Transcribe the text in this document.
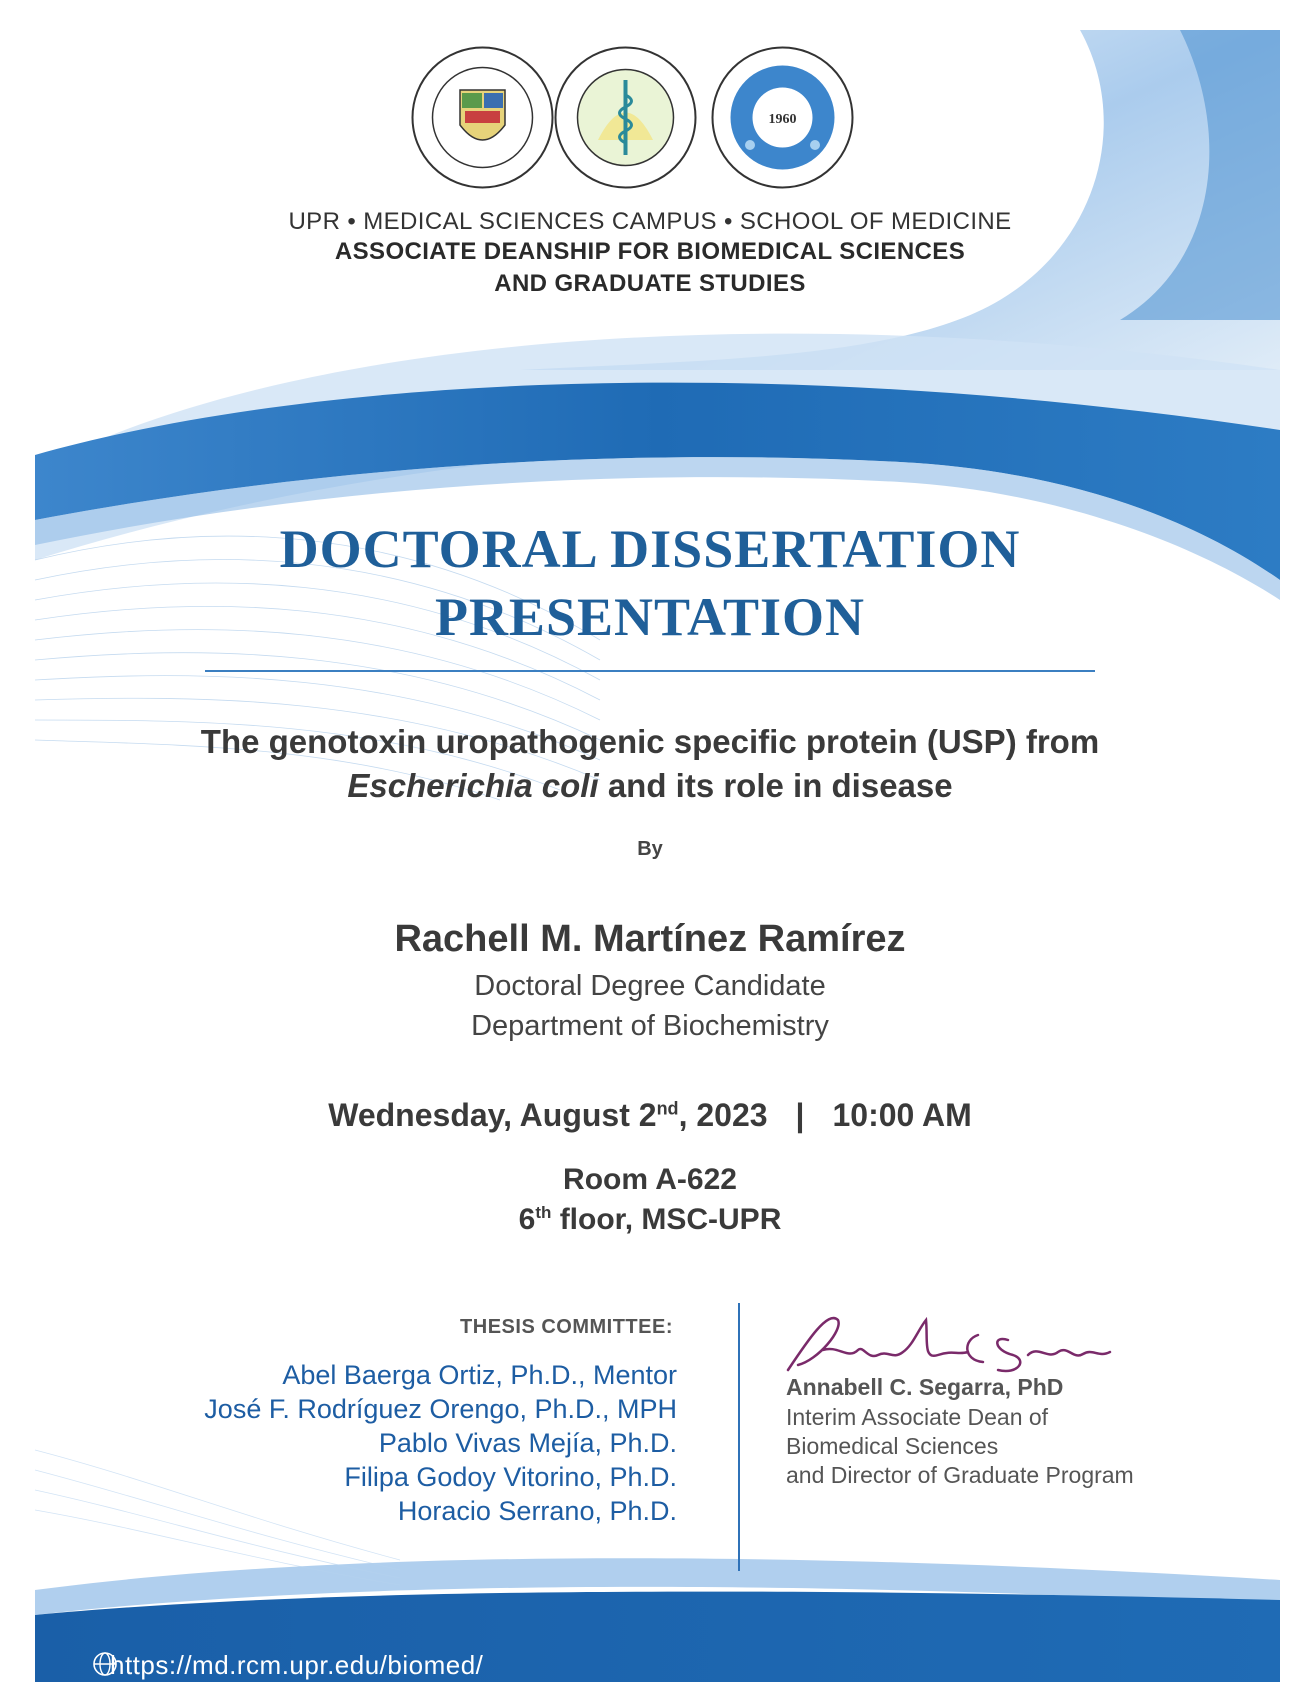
1960
UPR • MEDICAL SCIENCES CAMPUS • SCHOOL OF MEDICINE
ASSOCIATE DEANSHIP FOR BIOMEDICAL SCIENCES
AND GRADUATE STUDIES
DOCTORAL DISSERTATION
PRESENTATION
The genotoxin uropathogenic specific protein (USP) from
Escherichia coli and its role in disease
By
Rachell M. Martínez Ramírez
Doctoral Degree Candidate
Department of Biochemistry
Wednesday, August 2nd, 2023 | 10:00 AM
Room A-622
6th floor, MSC-UPR
THESIS COMMITTEE:
Abel Baerga Ortiz, Ph.D., Mentor
José F. Rodríguez Orengo, Ph.D., MPH
Pablo Vivas Mejía, Ph.D.
Filipa Godoy Vitorino, Ph.D.
Horacio Serrano, Ph.D.
Annabell C. Segarra, PhD
Interim Associate Dean of
Biomedical Sciences
and Director of Graduate Program
https://md.rcm.upr.edu/biomed/
